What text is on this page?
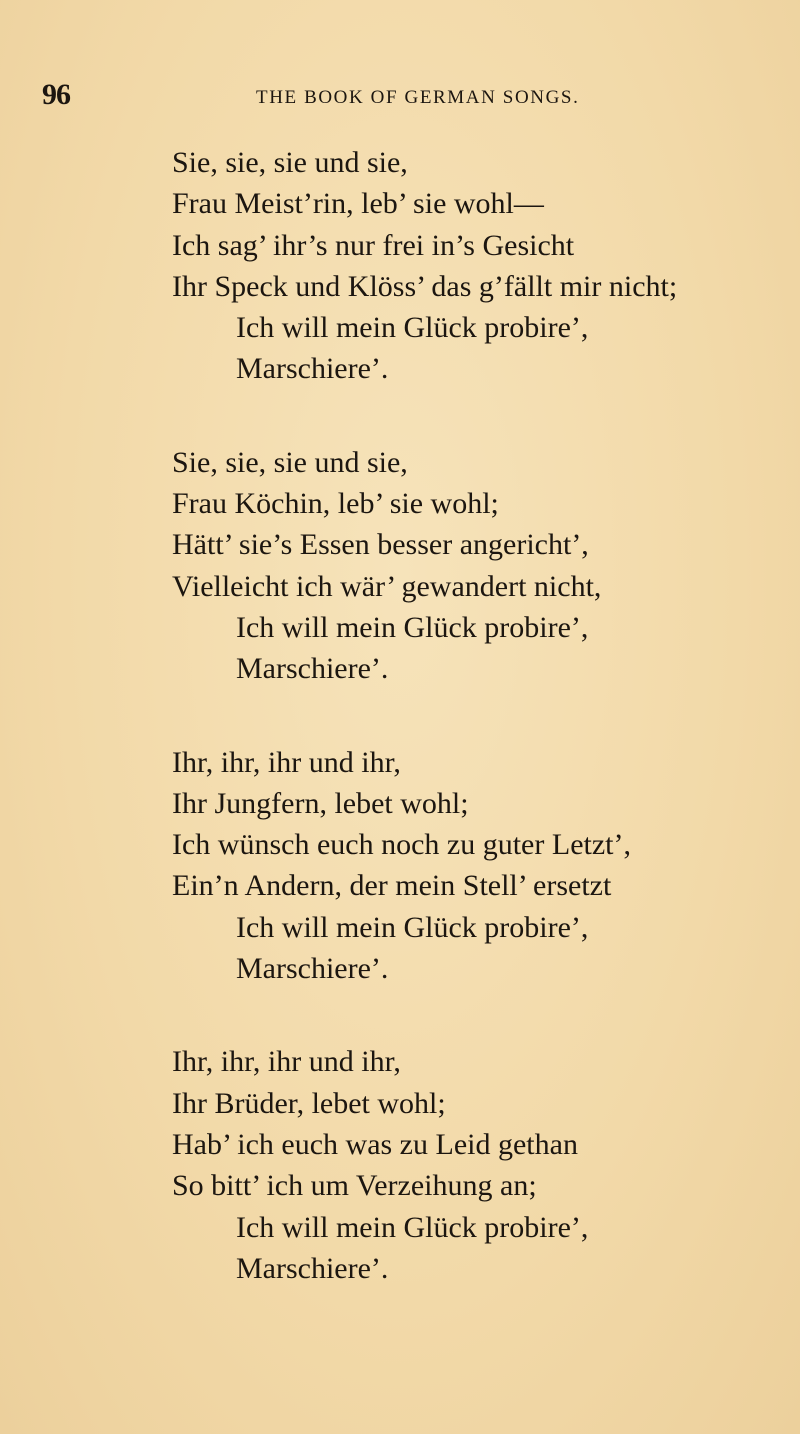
96	THE BOOK OF GERMAN SONGS.
Sie, sie, sie und sie,
Frau Meist’rin, leb’ sie wohl—
Ich sag’ ihr’s nur frei in’s Gesicht
Ihr Speck und Klöss’ das g’fällt mir nicht;
Ich will mein Glück probire’,
Marschiere’.
Sie, sie, sie und sie,
Frau Köchin, leb’ sie wohl;
Hätt’ sie’s Essen besser angericht’,
Vielleicht ich wär’ gewandert nicht,
Ich will mein Glück probire’,
Marschiere’.
Ihr, ihr, ihr und ihr,
Ihr Jungfern, lebet wohl;
Ich wünsch euch noch zu guter Letzt’,
Ein’n Andern, der mein Stell’ ersetzt
Ich will mein Glück probire’,
Marschiere’.
Ihr, ihr, ihr und ihr,
Ihr Brüder, lebet wohl;
Hab’ ich euch was zu Leid gethan
So bitt’ ich um Verzeihung an;
Ich will mein Glück probire’,
Marschiere’.
